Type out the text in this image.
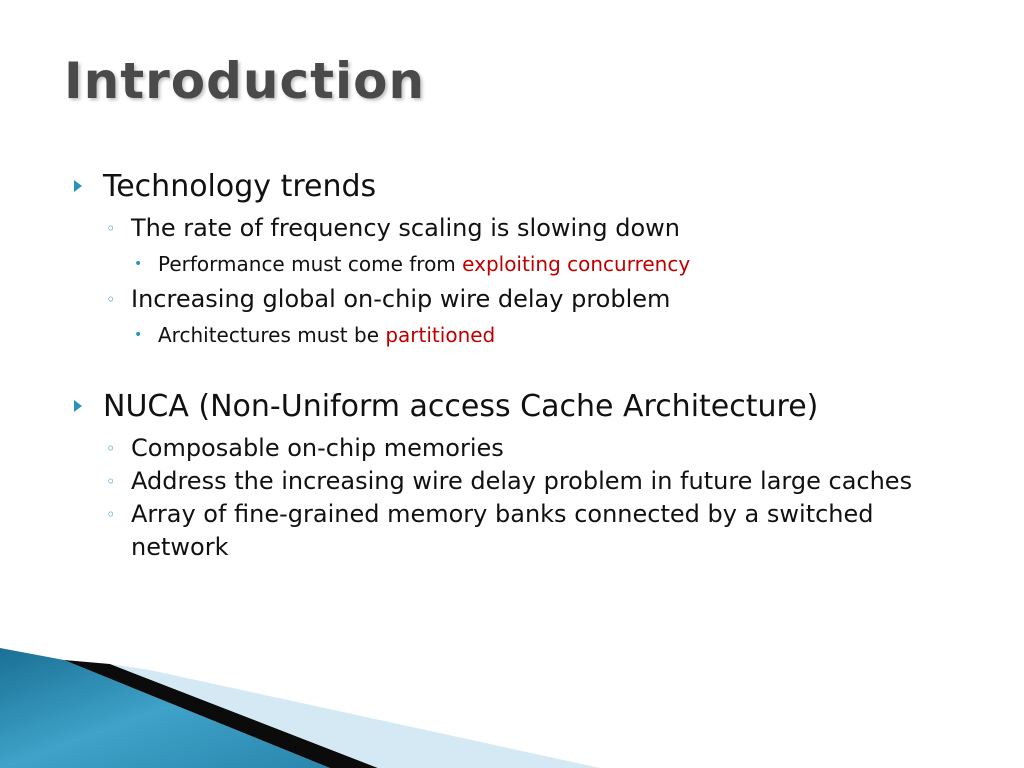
Introduction
Technology trends
◦ The rate of frequency scaling is slowing down
• Performance must come from exploiting concurrency
◦ Increasing global on-chip wire delay problem
• Architectures must be partitioned
NUCA (Non-Uniform access Cache Architecture)
◦ Composable on-chip memories
◦ Address the increasing wire delay problem in future large caches
◦ Array of fine-grained memory banks connected by a switched network
